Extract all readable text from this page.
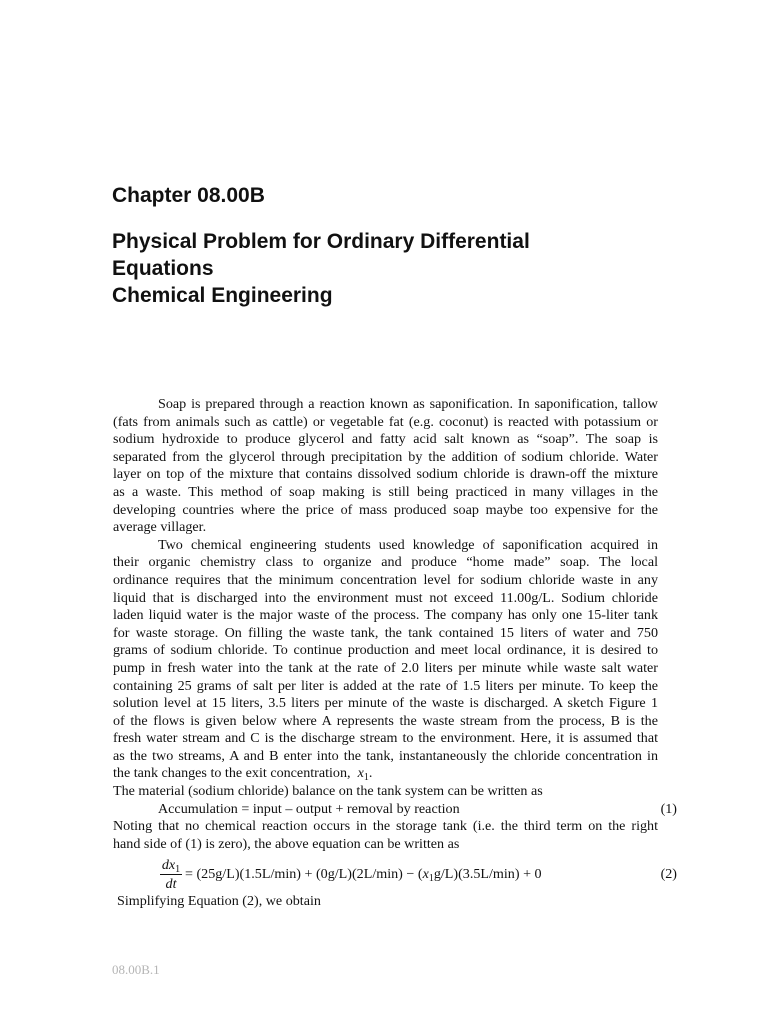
Chapter 08.00B
Physical Problem for Ordinary Differential
Equations
Chemical Engineering
Soap is prepared through a reaction known as saponification. In saponification, tallow
(fats from animals such as cattle) or vegetable fat (e.g. coconut) is reacted with potassium or
sodium hydroxide to produce glycerol and fatty acid salt known as “soap”. The soap is
separated from the glycerol through precipitation by the addition of sodium chloride. Water
layer on top of the mixture that contains dissolved sodium chloride is drawn-off the mixture
as a waste. This method of soap making is still being practiced in many villages in the
developing countries where the price of mass produced soap maybe too expensive for the
average villager.
Two chemical engineering students used knowledge of saponification acquired in
their organic chemistry class to organize and produce “home made” soap. The local
ordinance requires that the minimum concentration level for sodium chloride waste in any
liquid that is discharged into the environment must not exceed 11.00g/L. Sodium chloride
laden liquid water is the major waste of the process. The company has only one 15-liter tank
for waste storage. On filling the waste tank, the tank contained 15 liters of water and 750
grams of sodium chloride. To continue production and meet local ordinance, it is desired to
pump in fresh water into the tank at the rate of 2.0 liters per minute while waste salt water
containing 25 grams of salt per liter is added at the rate of 1.5 liters per minute. To keep the
solution level at 15 liters, 3.5 liters per minute of the waste is discharged. A sketch Figure 1
of the flows is given below where A represents the waste stream from the process, B is the
fresh water stream and C is the discharge stream to the environment. Here, it is assumed that
as the two streams, A and B enter into the tank, instantaneously the chloride concentration in
the tank changes to the exit concentration, $x_1$.
The material (sodium chloride) balance on the tank system can be written as
Accumulation = input – output + removal by reaction	(1)
Noting that no chemical reaction occurs in the storage tank (i.e. the third term on the right
hand side of (1) is zero), the above equation can be written as
$\frac{dx_1}{dt} = (25g/L)(1.5L/\min) + (0g/L)(2L/\min) - (x_1g/L)(3.5L/\min) + 0$	(2)
Simplifying Equation (2), we obtain
08.00B.1
